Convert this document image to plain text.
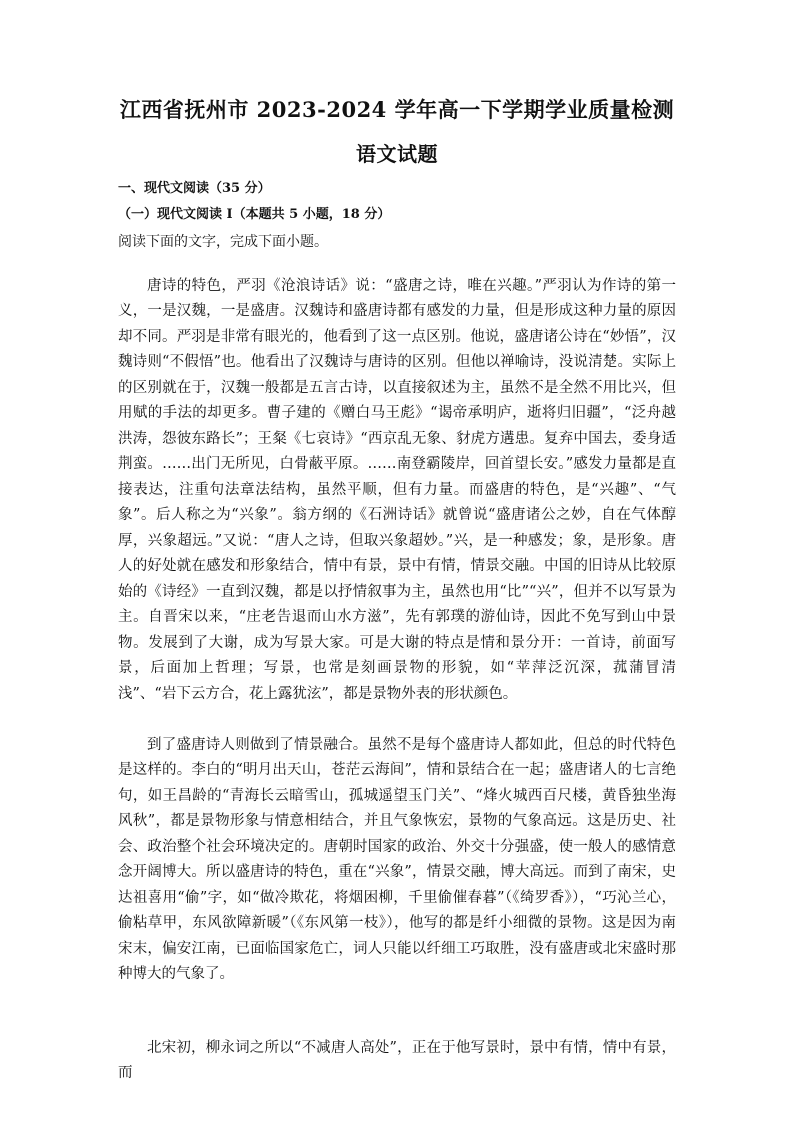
江西省抚州市 2023-2024 学年高一下学期学业质量检测
语文试题
一、现代文阅读（35 分）
（一）现代文阅读 I（本题共 5 小题，18 分）
阅读下面的文字，完成下面小题。

唐诗的特色，严羽《沧浪诗话》说：“盛唐之诗，唯在兴趣。”严羽认为作诗的第一义，一是汉魏，一是盛唐。汉魏诗和盛唐诗都有感发的力量，但是形成这种力量的原因却不同。严羽是非常有眼光的，他看到了这一点区别。他说，盛唐诸公诗在“妙悟”，汉魏诗则“不假悟”也。他看出了汉魏诗与唐诗的区别。但他以禅喻诗，没说清楚。实际上的区别就在于，汉魏一般都是五言古诗，以直接叙述为主，虽然不是全然不用比兴，但用赋的手法的却更多。曹子建的《赠白马王彪》“谒帝承明庐，逝将归旧疆”，“泛舟越洪涛，怨彼东路长”；王粲《七哀诗》“西京乱无象、豺虎方遘患。复弃中国去，委身适荆蛮。……出门无所见，白骨蔽平原。……南登霸陵岸，回首望长安。”感发力量都是直接表达，注重句法章法结构，虽然平顺，但有力量。而盛唐的特色，是“兴趣”、“气象”。后人称之为“兴象”。翁方纲的《石洲诗话》就曾说“盛唐诸公之妙，自在气体醇厚，兴象超远。”又说：“唐人之诗，但取兴象超妙。”兴，是一种感发；象，是形象。唐人的好处就在感发和形象结合，情中有景，景中有情，情景交融。中国的旧诗从比较原始的《诗经》一直到汉魏，都是以抒情叙事为主，虽然也用“比”“兴”，但并不以写景为主。自晋宋以来，“庄老告退而山水方滋”，先有郭璞的游仙诗，因此不免写到山中景物。发展到了大谢，成为写景大家。可是大谢的特点是情和景分开：一首诗，前面写景，后面加上哲理；写景，也常是刻画景物的形貌，如“苹萍泛沉深，菰蒲冒清浅”、“岩下云方合，花上露犹泫”，都是景物外表的形状颜色。

到了盛唐诗人则做到了情景融合。虽然不是每个盛唐诗人都如此，但总的时代特色是这样的。李白的“明月出天山，苍茫云海间”，情和景结合在一起；盛唐诸人的七言绝句，如王昌龄的“青海长云暗雪山，孤城遥望玉门关”、“烽火城西百尺楼，黄昏独坐海风秋”，都是景物形象与情意相结合，并且气象恢宏，景物的气象高远。这是历史、社会、政治整个社会环境决定的。唐朝时国家的政治、外交十分强盛，使一般人的感情意念开阔博大。所以盛唐诗的特色，重在“兴象”，情景交融，博大高远。而到了南宋，史达祖喜用“偷”字，如“做冷欺花，将烟困柳，千里偷催春暮”（《绮罗香》），“巧沁兰心，偷粘草甲，东风欲障新暖”（《东风第一枝》），他写的都是纤小细微的景物。这是因为南宋末，偏安江南，已面临国家危亡，词人只能以纤细工巧取胜，没有盛唐或北宋盛时那种博大的气象了。

北宋初，柳永词之所以“不减唐人高处”，正在于他写景时，景中有情，情中有景，而
